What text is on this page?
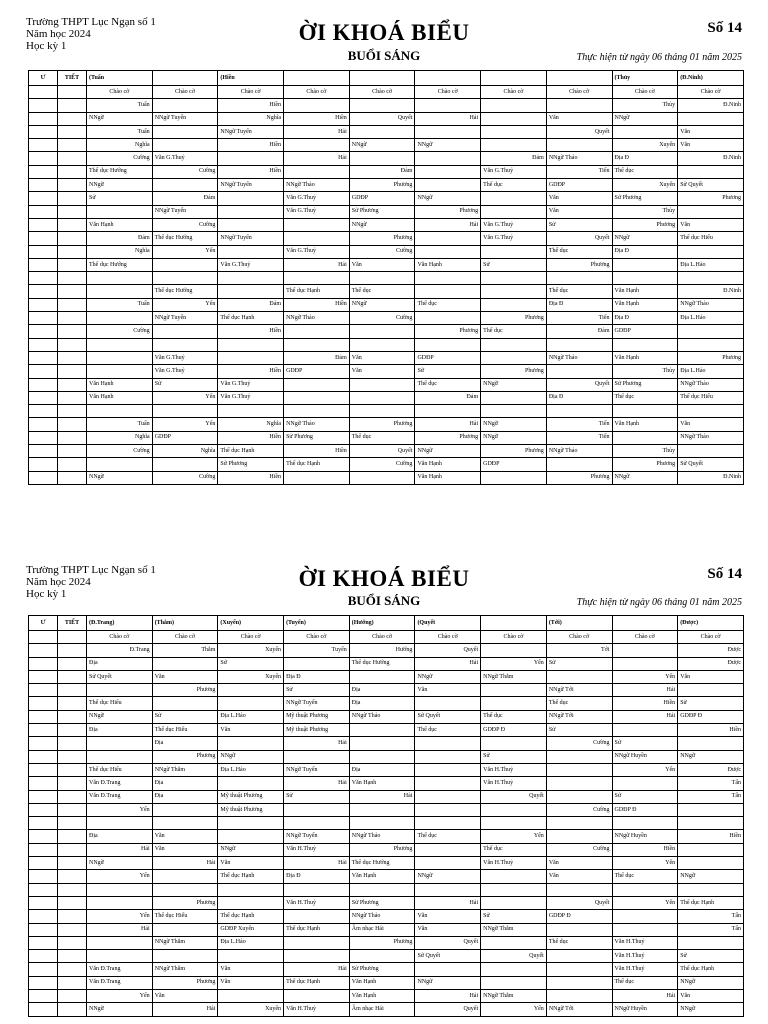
Trường THPT Lục Ngạn số 1
Năm học 2024
Học kỳ 1
ỜI KHOÁ BIỂU
BUỔI SÁNG
Số 14
Thực hiện từ ngày 06 tháng 01 năm 2025
Ư	TIẾT	(Tuấn		(Hiền						(Thủy	(Đ.Ninh)
		Chào cờ	Chào cờ	Chào cờ	Chào cờ	Chào cờ	Chào cờ	Chào cờ	Chào cờ	Chào cờ	Chào cờ
		Tuấn		Hiền						Thủy	Đ.Ninh
		NNgữ	NNgữ Tuyến	Nghĩa	Hiền	Quyết	Hải		Văn	NNgữ	
		Tuấn		NNgữ Tuyến	Hải				Quyết		Văn
		Nghĩa		Hiền		NNgữ	NNgữ			Xuyến	Văn
		Cường	Văn G.Thuỷ		Hải			Đảm	NNgữ Thảo	Địa Đ	Đ.Ninh
		Thể dục Hướng	Cường	Hiền		Đảm		Văn G.Thuỷ	Tiến	Thể dục	
		NNgữ		NNgữ Tuyến	NNgữ Thảo	Phương		Thể dục	GDĐP	Xuyến	Sử Quyết
		Sử	Đảm		Văn G.Thuỷ	GDĐP	NNgữ		Văn	Sử Phương	Phương
			NNgữ Tuyến		Văn G.Thuỷ	Sử Phương	Phương		Văn	Thủy	
		Văn Hạnh	Cường			NNgữ	Hải	Văn G.Thuỷ	Sử	Phương	Văn
		Đảm	Thể dục Hướng	NNgữ Tuyến		Phương		Văn G.Thuỷ	Quyết	NNgữ	Thể dục Hiếu
		Nghĩa	Yến		Văn G.Thuỷ	Cường			Thể dục	Địa Đ	
		Thể dục Hướng		Văn G.Thuỷ	Hải	Văn	Văn Hạnh	Sử	Phương		Địa L.Hảo

			Thể dục Hướng		Thể dục Hạnh	Thể dục			Thể dục	Văn Hạnh	Đ.Ninh
		Tuấn	Yến	Đảm	Hiền	NNgữ	Thể dục		Địa Đ	Văn Hạnh	NNgữ Thảo
			NNgữ Tuyến	Thể dục Hạnh	NNgữ Thảo	Cường		Phương	Tiến	Địa Đ	Địa L.Hảo
		Cường		Hiền			Phương	Thể dục	Đảm	GDĐP	

			Văn G.Thuỷ		Đảm	Văn	GDĐP		NNgữ Thảo	Văn Hạnh	Phương
			Văn G.Thuỷ	Hiền	GDĐP	Văn	Sử	Phương		Thủy	Địa L.Hảo
		Văn Hạnh	Sử	Văn G.Thuỷ			Thể dục	NNgữ	Quyết	Sử Phương	NNgữ Thảo
		Văn Hạnh	Yến	Văn G.Thuỷ			Đảm		Địa Đ	Thể dục	Thể dục Hiếu

		Tuấn	Yến	Nghĩa	NNgữ Thảo	Phương	Hải	NNgữ	Tiến	Văn Hạnh	Văn
		Nghĩa	GDĐP	Hiền	Sử Phương	Thể dục	Phương	NNgữ	Tiến		NNgữ Thảo
		Cường	Nghĩa	Thể dục Hạnh	Hiền	Quyết	NNgữ	Phương	NNgữ Thảo	Thủy	
				Sử Phương	Thể dục Hạnh	Cường	Văn Hạnh	GDĐP		Phương	Sử Quyết
		NNgữ	Cường	Hiền			Văn Hạnh		Phương	NNgữ	Đ.Ninh
Trường THPT Lục Ngạn số 1
Năm học 2024
Học kỳ 1
ỜI KHOÁ BIỂU
BUỔI SÁNG
Số 14
Thực hiện từ ngày 06 tháng 01 năm 2025
Ư	TIẾT	(Đ.Trang)	(Thắm)	(Xuyến)	(Tuyến)	(Hướng)	(Quyết		(Tới)		(Được)
		Chào cờ	Chào cờ	Chào cờ	Chào cờ	Chào cờ	Chào cờ	Chào cờ	Chào cờ	Chào cờ	Chào cờ
		Đ.Trang	Thắm	Xuyến	Tuyến	Hướng	Quyết		Tới		Được
		Địa		Sử		Thể dục Hướng	Hải	Yến	Sử		Được
		Sử Quyết	Văn	Xuyến	Địa Đ		NNgữ	NNgữ Thắm		Yến	Văn
			Phương		Sử	Địa	Văn		NNgữ Tới	Hải	
		Thể dục Hiếu			NNgữ Tuyến	Địa			Thể dục	Hiền	Sử
		NNgữ	Sử	Địa L.Hảo	Mỹ thuật Phương	NNgữ Thảo	Sử Quyết	Thể dục	NNgữ Tới	Hải	GDĐP Đ
		Địa	Thể dục Hiếu	Văn	Mỹ thuật Phương		Thể dục	GDĐP Đ	Sử		Hiền
			Địa		Hải				Cường	Sử	
			Phương	NNgữ				Sử		NNgữ Huyền	NNgữ
		Thể dục Hiếu	NNgữ Thắm	Địa L.Hảo	NNgữ Tuyến	Địa		Văn H.Thuỷ		Yến	Được
		Văn Đ.Trang	Địa		Hải	Văn Hạnh		Văn H.Thuỷ			Tấn
		Văn Đ.Trang	Địa	Mỹ thuật Phương	Sử	Hải		Quyết		Sử	Tấn
		Yến		Mỹ thuật Phương					Cường	GDĐP Đ	

		Địa	Văn		NNgữ Tuyến	NNgữ Thảo	Thể dục	Yến		NNgữ Huyền	Hiền
		Hải	Văn	NNgữ	Văn H.Thuỷ	Phương		Thể dục	Cường	Hiền	
		NNgữ	Hải	Văn	Hải	Thể dục Hướng		Văn H.Thuỷ	Văn	Yến	
		Yến		Thể dục Hạnh	Địa Đ	Văn Hạnh	NNgữ		Văn	Thể dục	NNgữ

			Phương		Văn H.Thuỷ	Sử Phương	Hải		Quyết	Yến	Thể dục Hạnh
		Yến	Thể dục Hiếu	Thể dục Hạnh		NNgữ Thảo	Văn	Sử	GDĐP Đ		Tấn
		Hải		GDĐP Xuyến	Thể dục Hạnh	Âm nhạc Hải	Văn	NNgữ Thắm			Tấn
			NNgữ Thắm	Địa L.Hảo		Phương	Quyết		Thể dục	Văn H.Thuỷ	
							Sử Quyết	Quyết		Văn H.Thuỷ	Sử
		Văn Đ.Trang	NNgữ Thắm	Văn	Hải	Sử Phương				Văn H.Thuỷ	Thể dục Hạnh
		Văn Đ.Trang	Phương	Văn	Thể dục Hạnh	Văn Hạnh	NNgữ			Thể dục	NNgữ
		Yến	Văn			Văn Hạnh	Hải	NNgữ Thắm		Hải	Văn
		NNgữ	Hải	Xuyến	Văn H.Thuỷ	Âm nhạc Hải	Quyết	Yến	NNgữ Tới	NNgữ Huyền	NNgữ
